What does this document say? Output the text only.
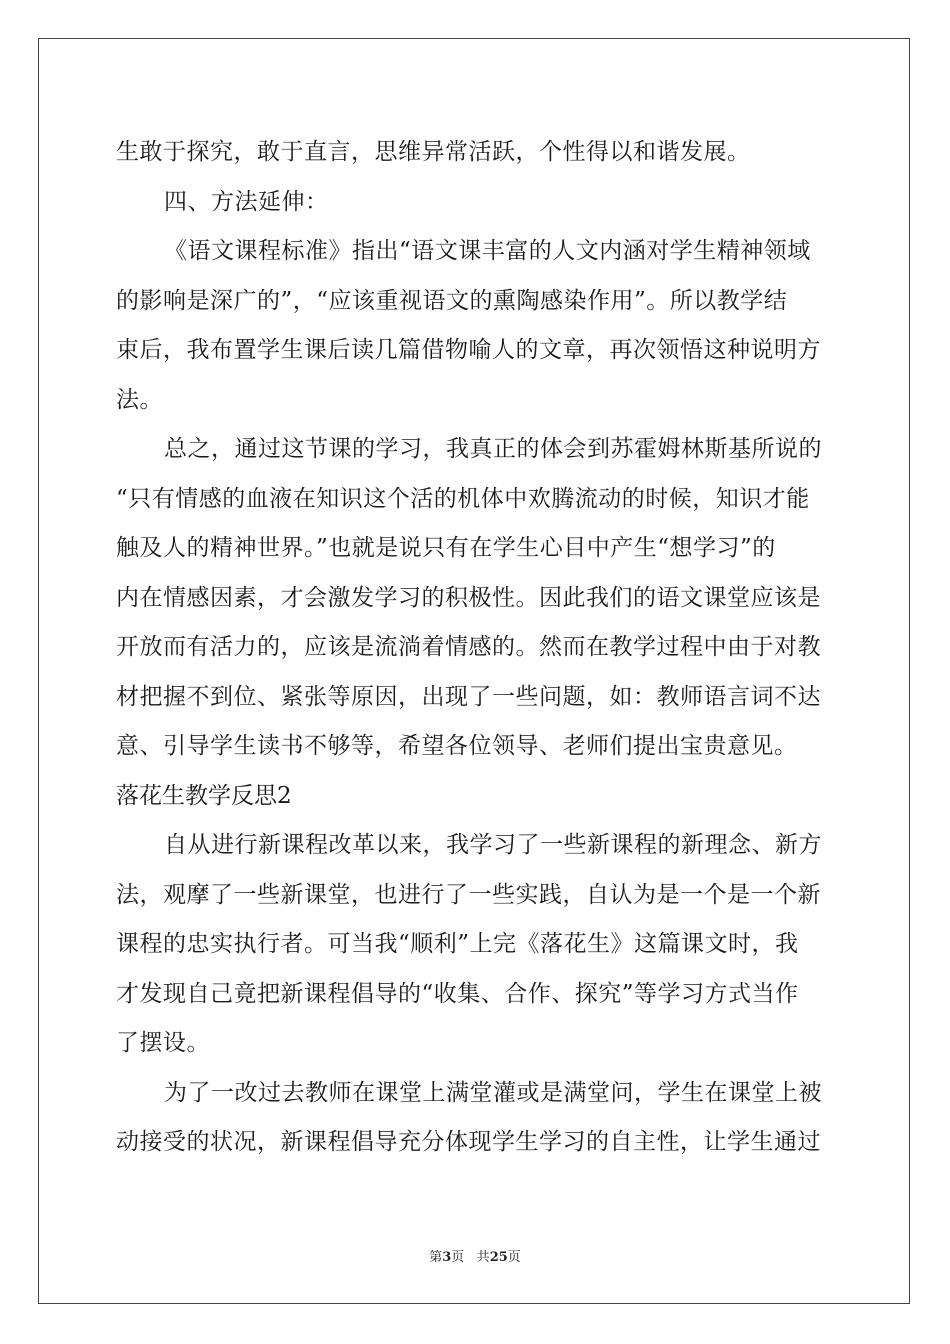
生敢于探究，敢于直言，思维异常活跃，个性得以和谐发展。
四、方法延伸：
《语文课程标准》指出“语文课丰富的人文内涵对学生精神领域
的影响是深广的”，“应该重视语文的熏陶感染作用”。所以教学结
束后，我布置学生课后读几篇借物喻人的文章，再次领悟这种说明方
法。
总之，通过这节课的学习，我真正的体会到苏霍姆林斯基所说的
“只有情感的血液在知识这个活的机体中欢腾流动的时候，知识才能
触及人的精神世界。”也就是说只有在学生心目中产生“想学习”的
内在情感因素，才会激发学习的积极性。因此我们的语文课堂应该是
开放而有活力的，应该是流淌着情感的。然而在教学过程中由于对教
材把握不到位、紧张等原因，出现了一些问题，如：教师语言词不达
意、引导学生读书不够等，希望各位领导、老师们提出宝贵意见。
落花生教学反思2
自从进行新课程改革以来，我学习了一些新课程的新理念、新方
法，观摩了一些新课堂，也进行了一些实践，自认为是一个是一个新
课程的忠实执行者。可当我“顺利”上完《落花生》这篇课文时，我
才发现自己竟把新课程倡导的“收集、合作、探究”等学习方式当作
了摆设。
为了一改过去教师在课堂上满堂灌或是满堂问，学生在课堂上被
动接受的状况，新课程倡导充分体现学生学习的自主性，让学生通过
第3页 共25页
